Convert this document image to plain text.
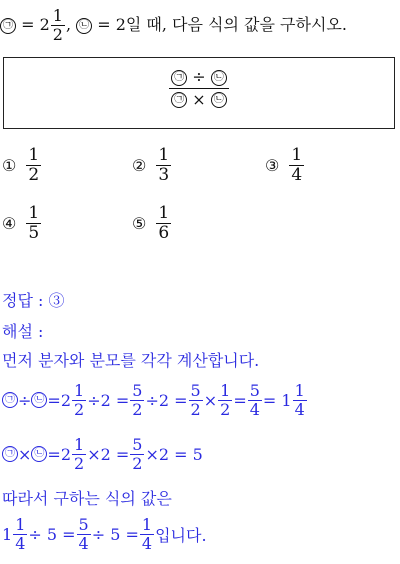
㉠ = $2 \frac{1}{2}$ , ㉡ = 2일 때, 다음 식의 값을 구하시오.
$\frac{㉠ \div ㉡}{㉠ \times ㉡}$
① $\frac{1}{2}$	② $\frac{1}{3}$	③ $\frac{1}{4}$
④ $\frac{1}{5}$	⑤ $\frac{1}{6}$
정답 : ③
해설 :
먼저 분자와 분모를 각각 계산합니다.
㉠ ÷ ㉡ $=2 \frac{1}{2} \div 2 = \frac{5}{2} \div 2 = \frac{5}{2} \times \frac{1}{2} = \frac{5}{4} = 1 \frac{1}{4}$
㉠ × ㉡ $=2 \frac{1}{2} \times 2 = \frac{5}{2} \times 2 = 5$
따라서 구하는 식의 값은
$1 \frac{1}{4} \div 5 = \frac{5}{4} \div 5 = \frac{1}{4}$ 입니다.
